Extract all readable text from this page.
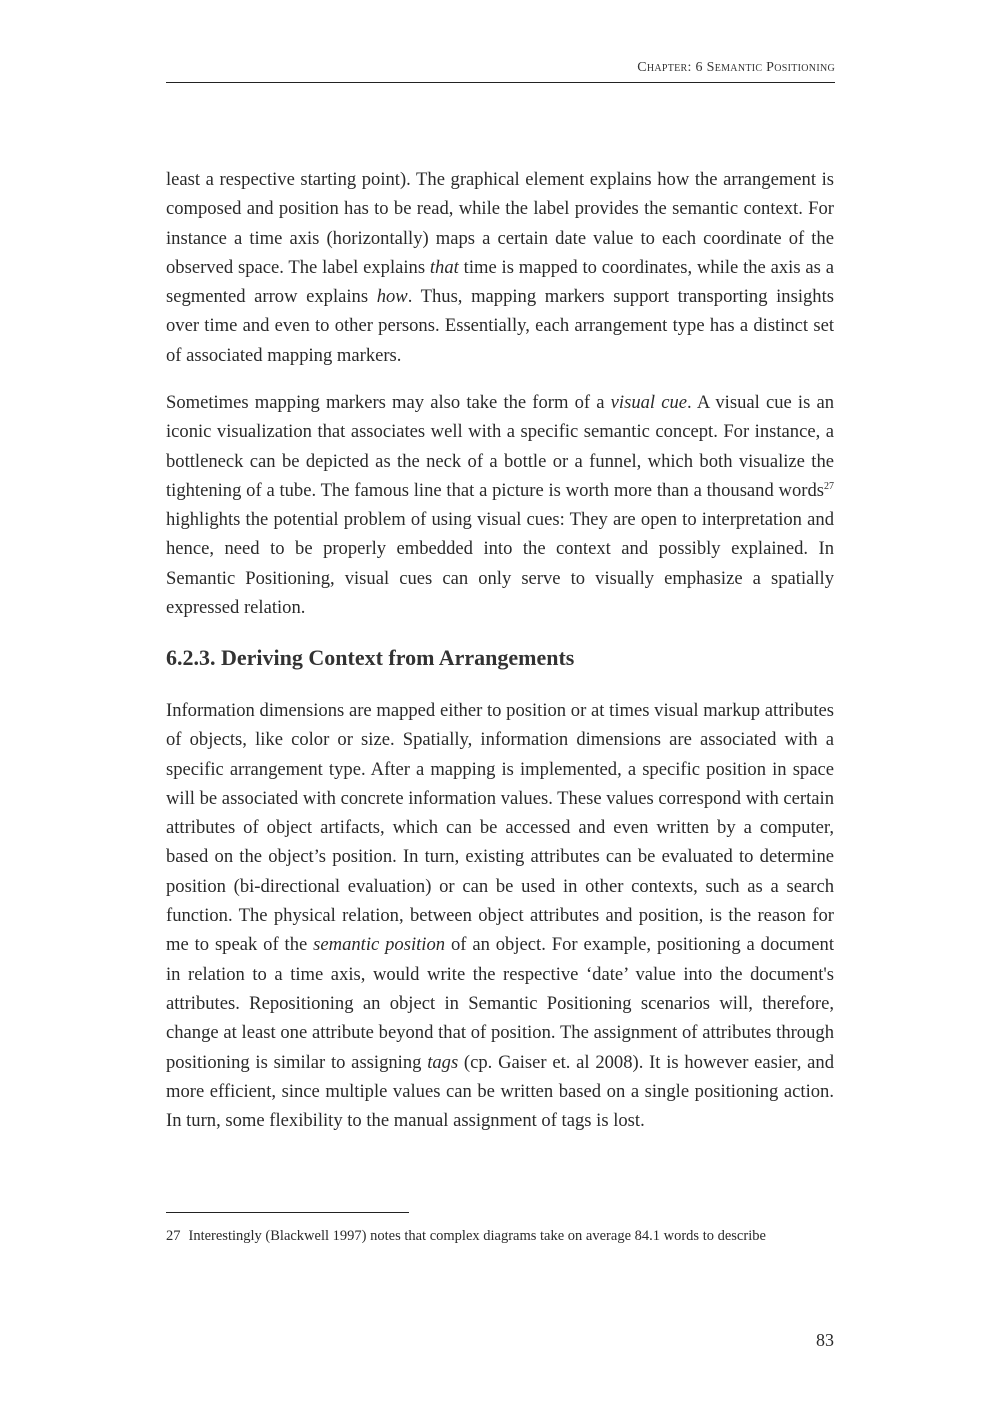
Chapter: 6 Semantic Positioning

least a respective starting point). The graphical element explains how the arrangement is composed and position has to be read, while the label provides the semantic context. For instance a time axis (horizontally) maps a certain date value to each coordinate of the observed space. The label explains that time is mapped to coordinates, while the axis as a segmented arrow explains how. Thus, mapping markers support transporting insights over time and even to other persons. Essentially, each arrangement type has a distinct set of associated mapping markers.

Sometimes mapping markers may also take the form of a visual cue. A visual cue is an iconic visualization that associates well with a specific semantic concept. For instance, a bottleneck can be depicted as the neck of a bottle or a funnel, which both visualize the tightening of a tube. The famous line that a picture is worth more than a thousand words$^{27}$ highlights the potential problem of using visual cues: They are open to interpretation and hence, need to be properly embedded into the context and possibly explained. In Semantic Positioning, visual cues can only serve to visually emphasize a spatially expressed relation.

6.2.3. Deriving Context from Arrangements

Information dimensions are mapped either to position or at times visual markup attributes of objects, like color or size. Spatially, information dimensions are associated with a specific arrangement type. After a mapping is implemented, a specific position in space will be associated with concrete information values. These values correspond with certain attributes of object artifacts, which can be accessed and even written by a computer, based on the object’s position. In turn, existing attributes can be evaluated to determine position (bi-directional evaluation) or can be used in other contexts, such as a search function. The physical relation, between object attributes and position, is the reason for me to speak of the semantic position of an object. For example, positioning a document in relation to a time axis, would write the respective ‘date’ value into the document's attributes. Repositioning an object in Semantic Positioning scenarios will, therefore, change at least one attribute beyond that of position. The assignment of attributes through positioning is similar to assigning tags (cp. Gaiser et. al 2008). It is however easier, and more efficient, since multiple values can be written based on a single positioning action. In turn, some flexibility to the manual assignment of tags is lost.

27 Interestingly (Blackwell 1997) notes that complex diagrams take on average 84.1 words to describe
83
